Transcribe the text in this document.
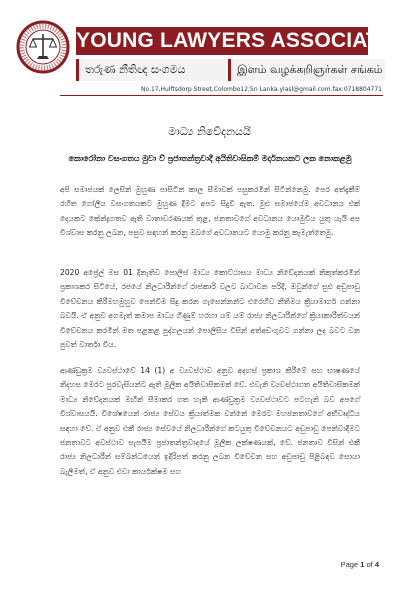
YOUNG LAWYERS ASSOCIATION
තරුණ නීතිඥ සංගමය	இளம் வழக்கறிஞர்கள் சங்கம்
No.17,Hulftsdorp Street,Colombo12,Sri Lanka.ylasl@gmail.com.fax:0718804771
මාධ්‍ය නිවේදනයයි
කොරෝනා වසංගතය මුවා ව් ප්‍රජාතන්ත්‍රවාදී අයිතිවාසිකම් මර්දනයකට ලක නොකළමු

අපි සමාජයක් ලෙසින් මුහුණ පාසිටින කාල සීමාවක් පසුකරමින් සිටින්නෙමු. පෙර අත්දැකීම් රහිත ගෝලීය වසංගතයකට මුහුණ දීමට අපට සිදුවී ඇත. මුළු සමාජයේම අවධානය එක් දෙයකට කේන්ද්‍රගතව ඇති වාතාවරණයක් තුළ, ජනතාවගේ අවධානය යොමුවිය යුතු යැයි අප විශ්වාස කරනු ලබන, පසුව සඳහන් කරනු ඔබගේ අවධානයට යොමු කරනු කැමැත්තෙමු.

2020 අප්‍රේල් මස 01 දිනැතිව පොලිස් මාධ්‍ය කොට්ඨාසය මාධ්‍ය නිවේදනයක් නිකුත්කරමින් ප්‍රකාශකර සිටියේ, රජයේ නිලධාරීන්ගේ රාජකාරි වලට බාධාවන පරිදි, ඔවුන්ගේ සුළු අඩුපාඩු විවේචනය කිරීමහමුහුව පෙන්වීම සිදු කරන ගැසෙන්නන්ට එරෙහිව නීතිමය ක්‍රියාමාර්ග ගන්නා බවයි. ඒ අනුව අගමැත් කමාප මාධ්‍ය ගිණුම් හරහා යම් යම් රාජ්‍ය නිලධාරීන්ගේ ක්‍රියාකාරීත්වයන් විවේචනය කරමින් මත පළකළ පුද්ගලයන් පොලිසිය විසින් අත්අඩංගුවට ගන්නා ලද බවට වන පුවත් වාර්තා විය.

ආණ්ඩුක්‍රම ව්‍යවස්ථාවේ 14 (1) අ ව්‍යවස්ථාව අනුව අදහස් ප්‍රකාශ කිරීමේ සහ භාෂණයේ නිදහස මෙරට පුරවැසියන්ට ඇති මූලික අයිතිවාසිකමක් වේ. එවැනි ව්‍යවස්ථාගත අයිතිවාසිකමක් මාධ්‍ය නිවේදනයක් මඟින් සීමාකර ගත හැකි ආණ්ඩුක්‍රම ව්‍යවස්ථාවට පටහැනි බව අපගේ විශ්වාසයයි. විශේෂයෙන් රාජ්‍ය සේවය ක්‍රියාත්මක වන්නේ මෙරට මහජනතාවගේ අභිවෘද්ධිය සඳහා වේ. ඒ අනුව එකී රාජ්‍ය සේවයේ නිලධාරීන්ගේ කටයුතු විවේචනයට අඩුපාඩු පෙන්වාදීමට ජනතාවට අවස්ථාව සැපයීම ප්‍රජාතන්ත්‍රවාදයේ මූලික ලක්ෂණයක්, වේ. ජනතාව විසින් එකී රාජ්‍ය නිලධාරීන් සම්බන්ධයෙන් ඉදිරිපත් කරනු ලබන විවේචන සහ අඩුපාඩු පිළිබඳව සොයා බැලීමත්, ඒ අනුව එවා කාර්යක්ෂම සහ

Page 1 of 4
